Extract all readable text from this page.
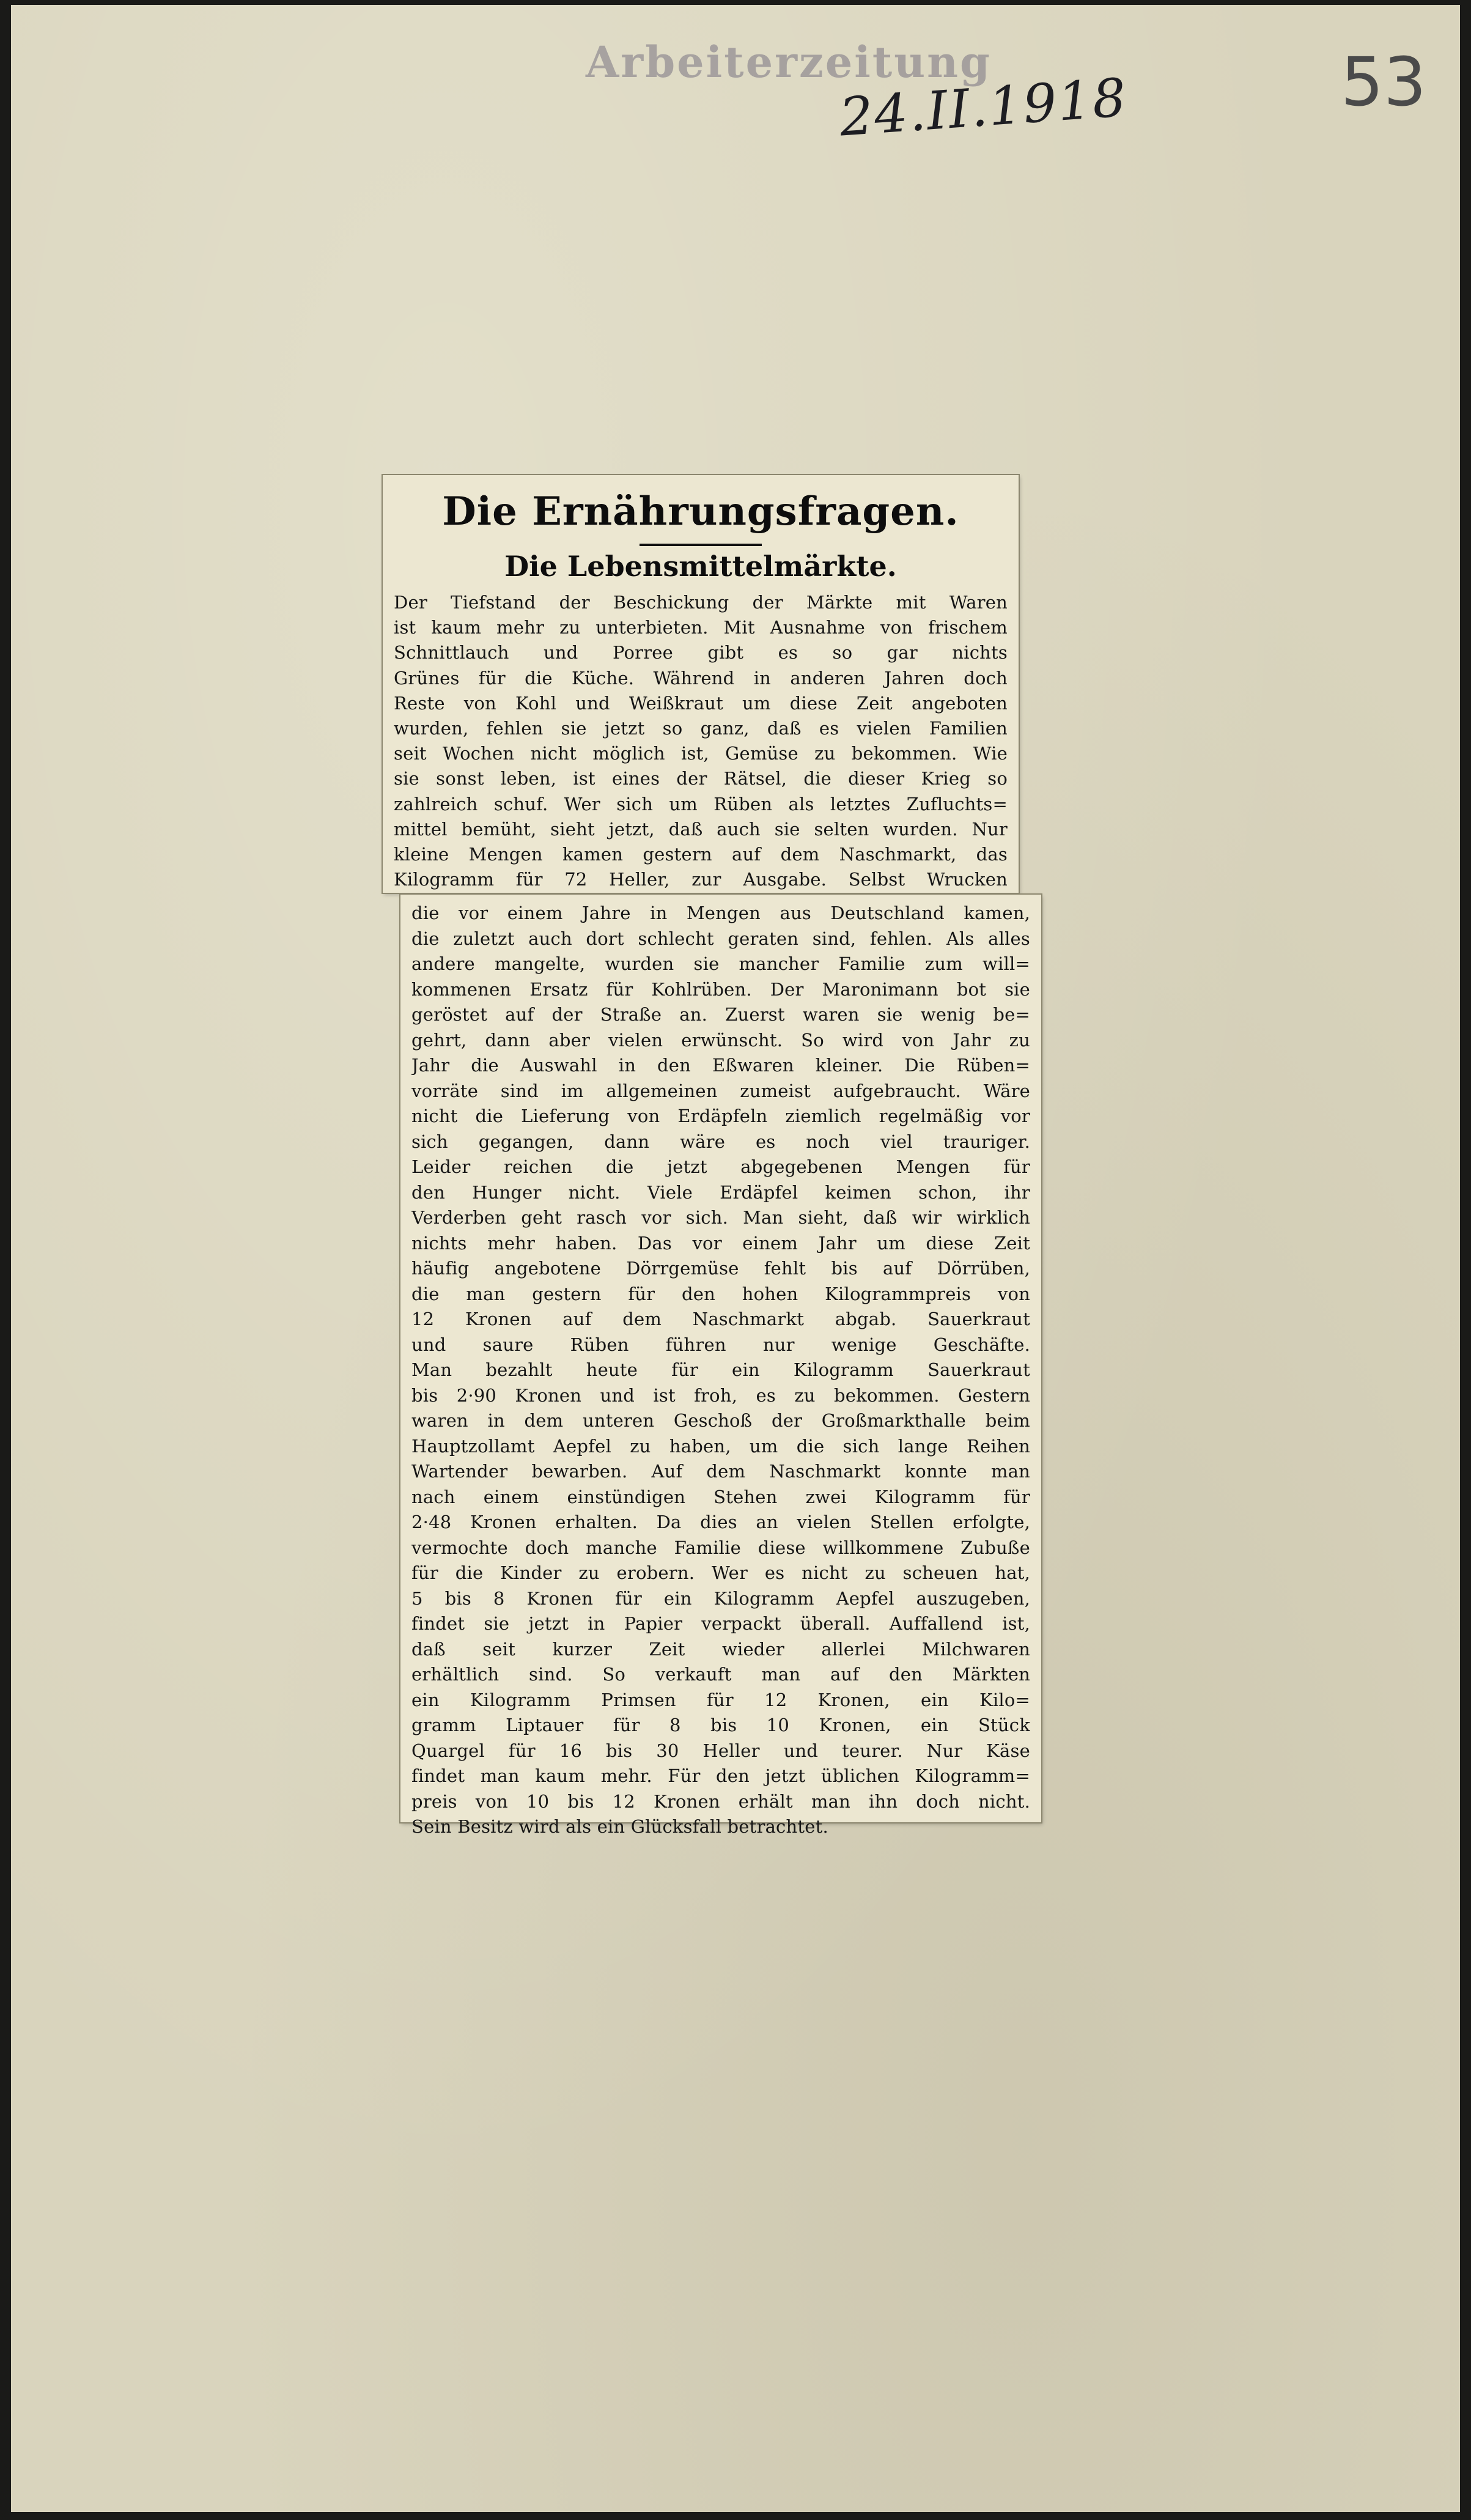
Arbeiterzeitung
24.II.1918	53
Die Ernährungsfragen.
Die Lebensmittelmärkte.
Der Tiefstand der Beschickung der Märkte mit Waren
ist kaum mehr zu unterbieten. Mit Ausnahme von frischem
Schnittlauch und Porree gibt es so gar nichts
Grünes für die Küche. Während in anderen Jahren doch
Reste von Kohl und Weißkraut um diese Zeit angeboten
wurden, fehlen sie jetzt so ganz, daß es vielen Familien
seit Wochen nicht möglich ist, Gemüse zu bekommen. Wie
sie sonst leben, ist eines der Rätsel, die dieser Krieg so
zahlreich schuf. Wer sich um Rüben als letztes Zufluchts=
mittel bemüht, sieht jetzt, daß auch sie selten wurden. Nur
kleine Mengen kamen gestern auf dem Naschmarkt, das
Kilogramm für 72 Heller, zur Ausgabe. Selbst Wrucken
die vor einem Jahre in Mengen aus Deutschland kamen,
die zuletzt auch dort schlecht geraten sind, fehlen. Als alles
andere mangelte, wurden sie mancher Familie zum will=
kommenen Ersatz für Kohlrüben. Der Maronimann bot sie
geröstet auf der Straße an. Zuerst waren sie wenig be=
gehrt, dann aber vielen erwünscht. So wird von Jahr zu
Jahr die Auswahl in den Eßwaren kleiner. Die Rüben=
vorräte sind im allgemeinen zumeist aufgebraucht. Wäre
nicht die Lieferung von Erdäpfeln ziemlich regelmäßig vor
sich gegangen, dann wäre es noch viel trauriger.
Leider reichen die jetzt abgegebenen Mengen für
den Hunger nicht. Viele Erdäpfel keimen schon, ihr
Verderben geht rasch vor sich. Man sieht, daß wir wirklich
nichts mehr haben. Das vor einem Jahr um diese Zeit
häufig angebotene Dörrgemüse fehlt bis auf Dörrüben,
die man gestern für den hohen Kilogrammpreis von
12 Kronen auf dem Naschmarkt abgab. Sauerkraut
und saure Rüben führen nur wenige Geschäfte.
Man bezahlt heute für ein Kilogramm Sauerkraut
bis 2·90 Kronen und ist froh, es zu bekommen. Gestern
waren in dem unteren Geschoß der Großmarkthalle beim
Hauptzollamt Aepfel zu haben, um die sich lange Reihen
Wartender bewarben. Auf dem Naschmarkt konnte man
nach einem einstündigen Stehen zwei Kilogramm für
2·48 Kronen erhalten. Da dies an vielen Stellen erfolgte,
vermochte doch manche Familie diese willkommene Zubuße
für die Kinder zu erobern. Wer es nicht zu scheuen hat,
5 bis 8 Kronen für ein Kilogramm Aepfel auszugeben,
findet sie jetzt in Papier verpackt überall. Auffallend ist,
daß seit kurzer Zeit wieder allerlei Milchwaren
erhältlich sind. So verkauft man auf den Märkten
ein Kilogramm Primsen für 12 Kronen, ein Kilo=
gramm Liptauer für 8 bis 10 Kronen, ein Stück
Quargel für 16 bis 30 Heller und teurer. Nur Käse
findet man kaum mehr. Für den jetzt üblichen Kilogramm=
preis von 10 bis 12 Kronen erhält man ihn doch nicht.
Sein Besitz wird als ein Glücksfall betrachtet.
